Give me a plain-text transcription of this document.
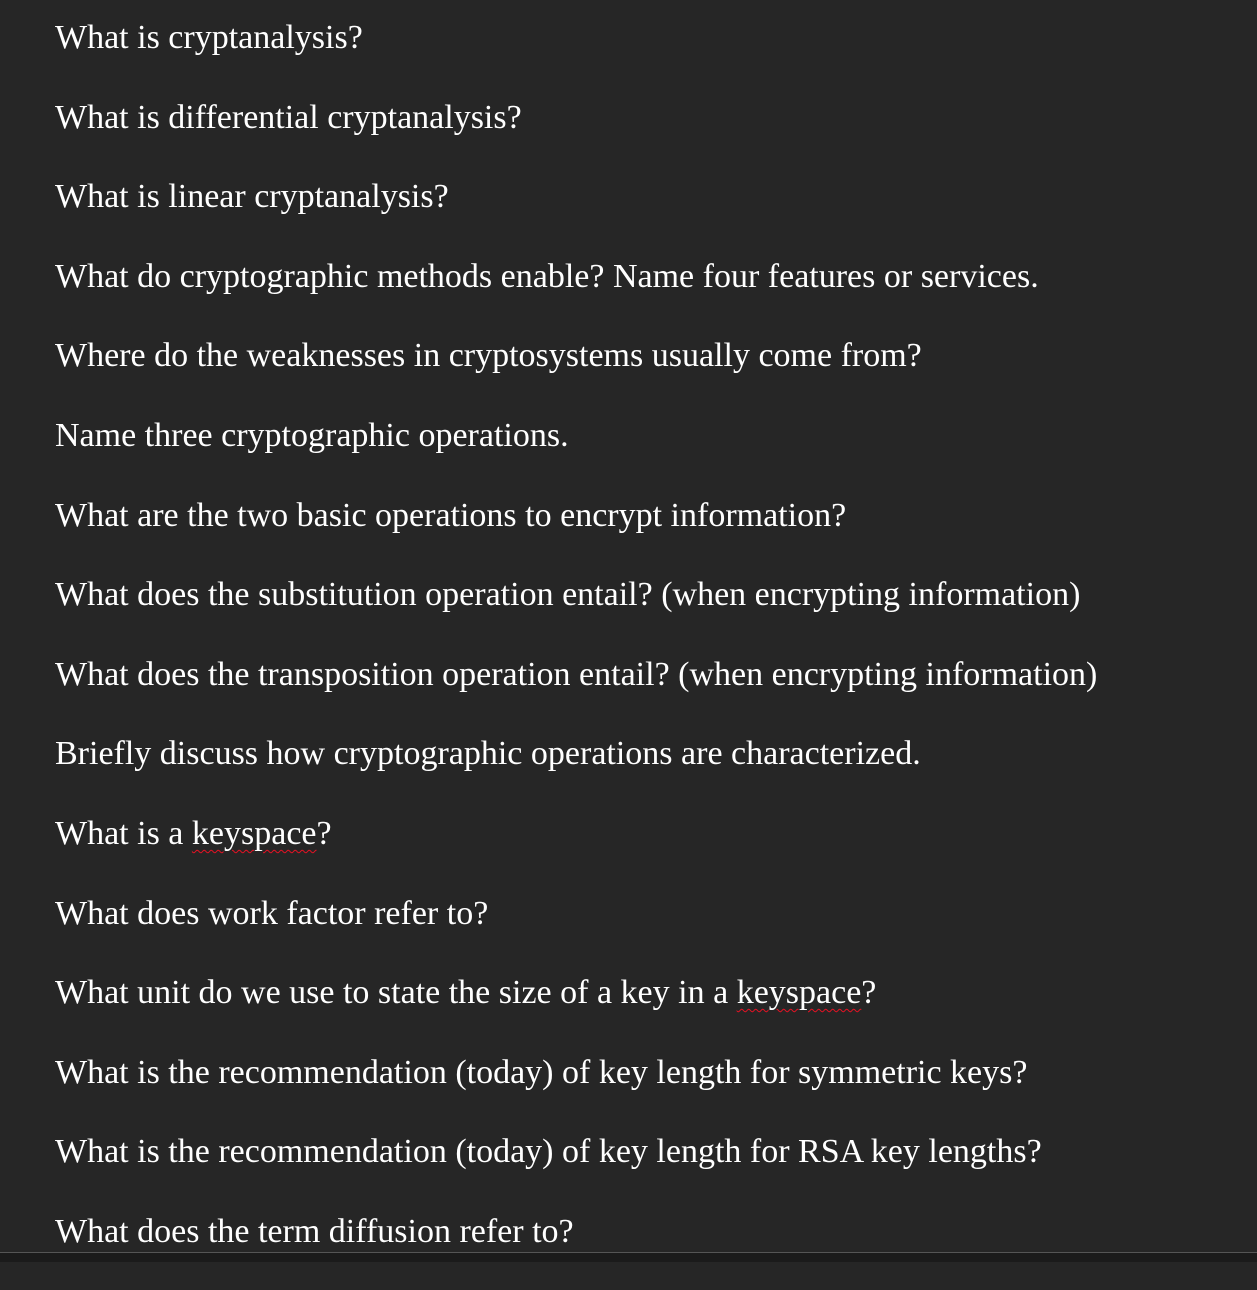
What is cryptanalysis?

What is differential cryptanalysis?

What is linear cryptanalysis?

What do cryptographic methods enable? Name four features or services.

Where do the weaknesses in cryptosystems usually come from?

Name three cryptographic operations.

What are the two basic operations to encrypt information?

What does the substitution operation entail? (when encrypting information)

What does the transposition operation entail? (when encrypting information)

Briefly discuss how cryptographic operations are characterized.

What is a keyspace?

What does work factor refer to?

What unit do we use to state the size of a key in a keyspace?

What is the recommendation (today) of key length for symmetric keys?

What is the recommendation (today) of key length for RSA key lengths?

What does the term diffusion refer to?
